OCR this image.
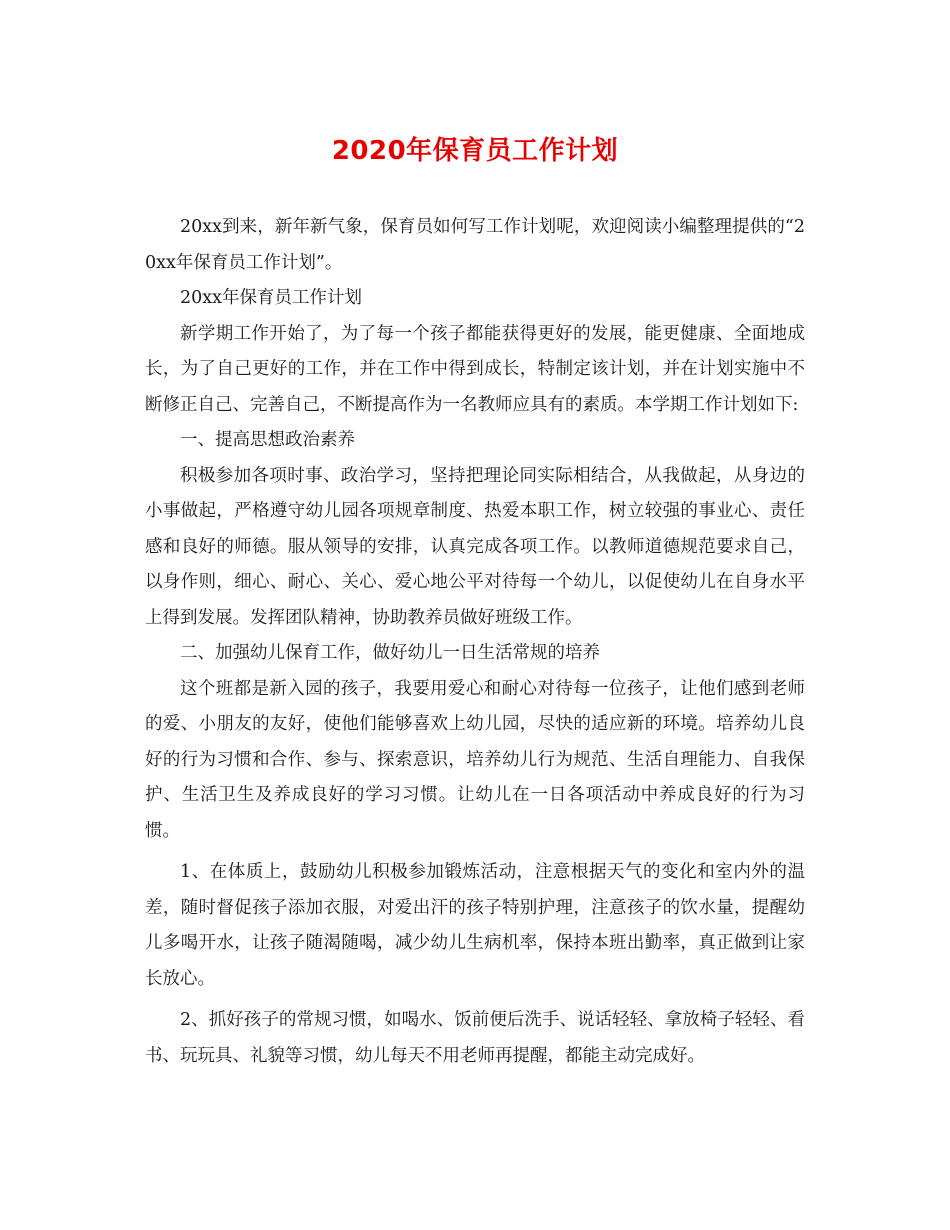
2020年保育员工作计划

20xx到来，新年新气象，保育员如何写工作计划呢，欢迎阅读小编整理提供的“20xx年保育员工作计划”。

20xx年保育员工作计划

新学期工作开始了，为了每一个孩子都能获得更好的发展，能更健康、全面地成长，为了自己更好的工作，并在工作中得到成长，特制定该计划，并在计划实施中不断修正自己、完善自己，不断提高作为一名教师应具有的素质。本学期工作计划如下:

一、提高思想政治素养

积极参加各项时事、政治学习，坚持把理论同实际相结合，从我做起，从身边的小事做起，严格遵守幼儿园各项规章制度、热爱本职工作，树立较强的事业心、责任感和良好的师德。服从领导的安排，认真完成各项工作。以教师道德规范要求自己，以身作则，细心、耐心、关心、爱心地公平对待每一个幼儿，以促使幼儿在自身水平上得到发展。发挥团队精神，协助教养员做好班级工作。

二、加强幼儿保育工作，做好幼儿一日生活常规的培养

这个班都是新入园的孩子，我要用爱心和耐心对待每一位孩子，让他们感到老师的爱、小朋友的友好，使他们能够喜欢上幼儿园，尽快的适应新的环境。培养幼儿良好的行为习惯和合作、参与、探索意识，培养幼儿行为规范、生活自理能力、自我保护、生活卫生及养成良好的学习习惯。让幼儿在一日各项活动中养成良好的行为习惯。

1、在体质上，鼓励幼儿积极参加锻炼活动，注意根据天气的变化和室内外的温差，随时督促孩子添加衣服，对爱出汗的孩子特别护理，注意孩子的饮水量，提醒幼儿多喝开水，让孩子随渴随喝，减少幼儿生病机率，保持本班出勤率，真正做到让家长放心。

2、抓好孩子的常规习惯，如喝水、饭前便后洗手、说话轻轻、拿放椅子轻轻、看书、玩玩具、礼貌等习惯，幼儿每天不用老师再提醒，都能主动完成好。
